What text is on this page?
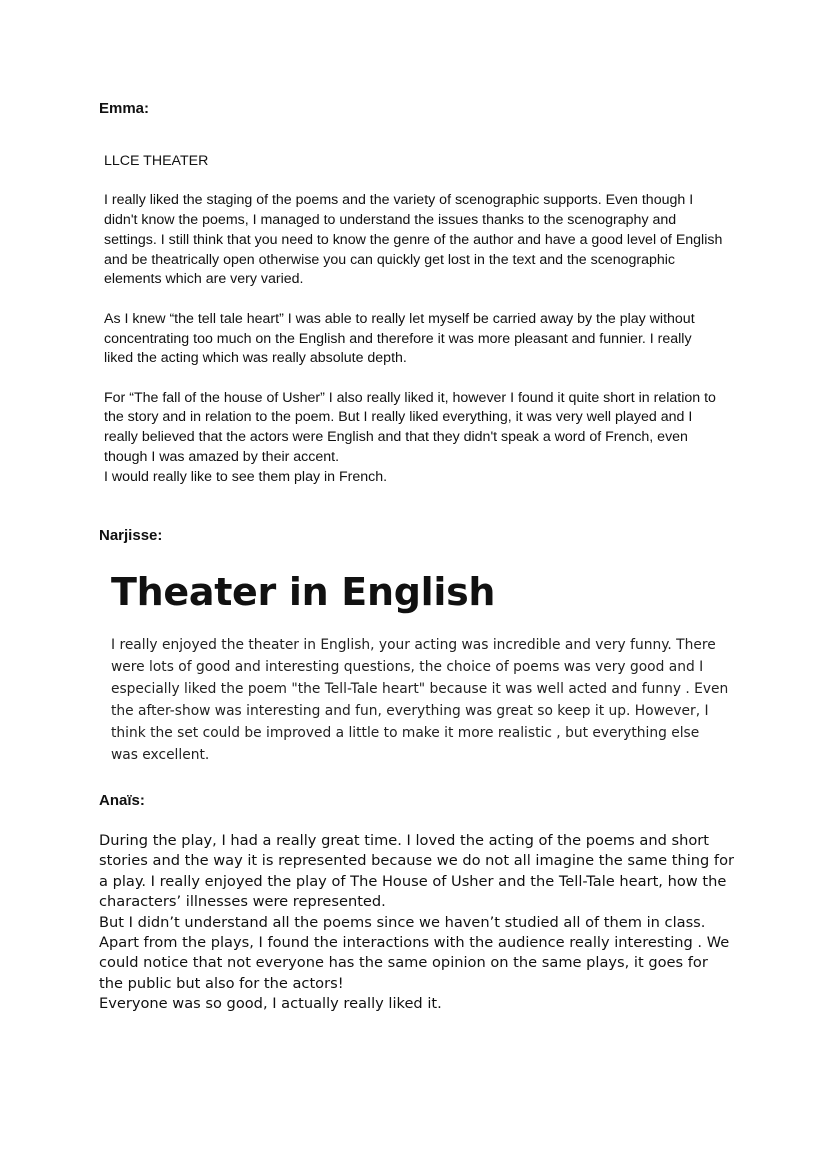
Emma:

LLCE THEATER

I really liked the staging of the poems and the variety of scenographic supports. Even though I didn't know the poems, I managed to understand the issues thanks to the scenography and settings. I still think that you need to know the genre of the author and have a good level of English and be theatrically open otherwise you can quickly get lost in the text and the scenographic elements which are very varied.

As I knew “the tell tale heart” I was able to really let myself be carried away by the play without concentrating too much on the English and therefore it was more pleasant and funnier. I really liked the acting which was really absolute depth.

For “The fall of the house of Usher” I also really liked it, however I found it quite short in relation to the story and in relation to the poem. But I really liked everything, it was very well played and I really believed that the actors were English and that they didn't speak a word of French, even though I was amazed by their accent.

I would really like to see them play in French.

Narjisse:
Theater in English

I really enjoyed the theater in English, your acting was incredible and very funny. There were lots of good and interesting questions, the choice of poems was very good and I especially liked the poem "the Tell-Tale heart" because it was well acted and funny . Even the after-show was interesting and fun, everything was great so keep it up. However, I think the set could be improved a little to make it more realistic , but everything else was excellent.

Anaïs:
During the play, I had a really great time. I loved the acting of the poems and short stories and the way it is represented because we do not all imagine the same thing for a play. I really enjoyed the play of The House of Usher and the Tell-Tale heart, how the characters’ illnesses were represented.
But I didn’t understand all the poems since we haven’t studied all of them in class. Apart from the plays, I found the interactions with the audience really interesting . We could notice that not everyone has the same opinion on the same plays, it goes for the public but also for the actors!
Everyone was so good, I actually really liked it.
